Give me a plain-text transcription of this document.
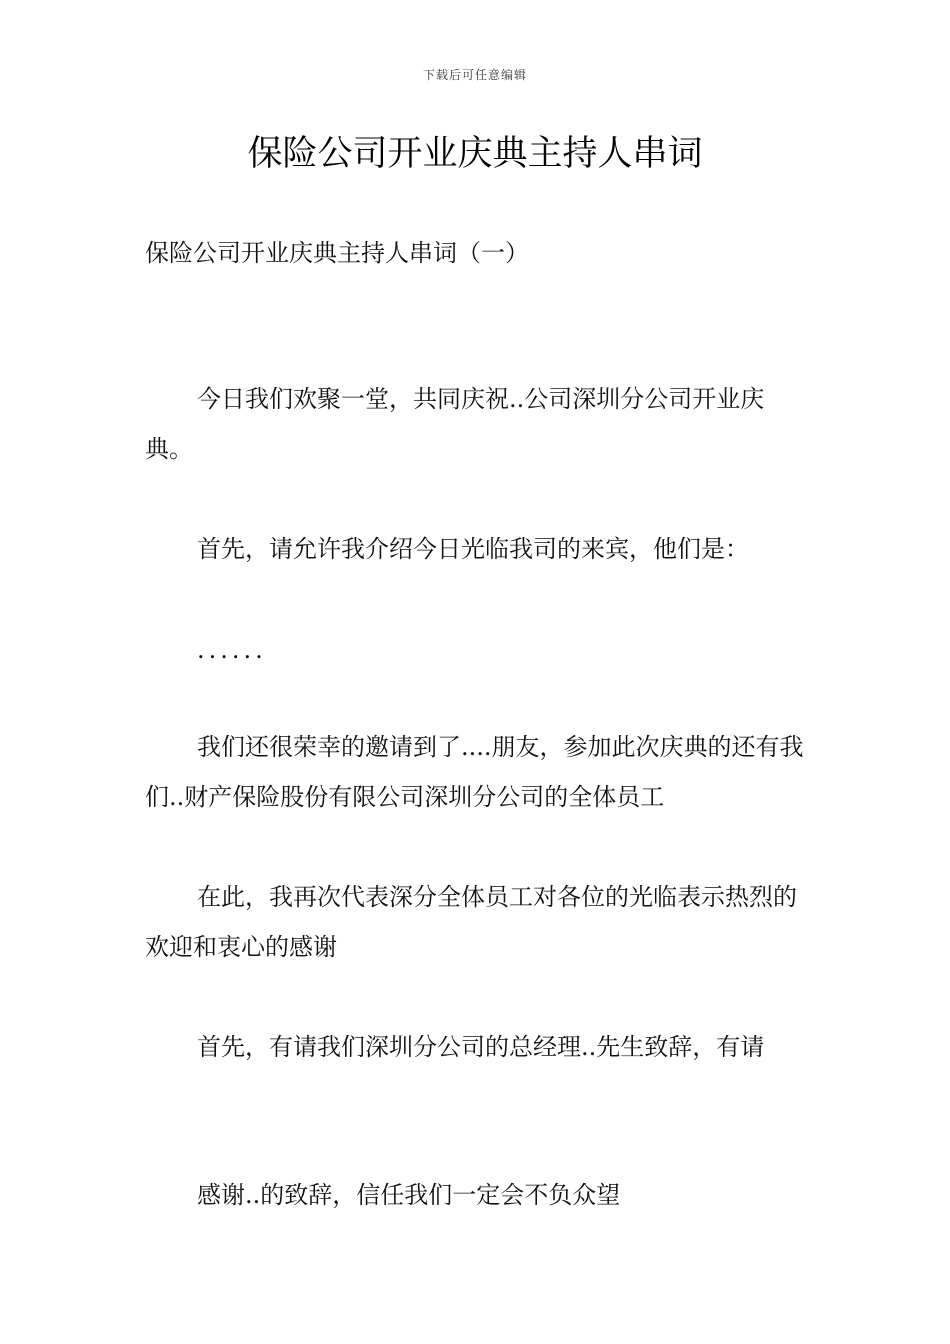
下载后可任意编辑
保险公司开业庆典主持人串词

保险公司开业庆典主持人串词（一）

今日我们欢聚一堂，共同庆祝..公司深圳分公司开业庆典。

首先，请允许我介绍今日光临我司的来宾，他们是：

......

我们还很荣幸的邀请到了....朋友，参加此次庆典的还有我们..财产保险股份有限公司深圳分公司的全体员工

在此，我再次代表深分全体员工对各位的光临表示热烈的欢迎和衷心的感谢

首先，有请我们深圳分公司的总经理..先生致辞，有请

感谢..的致辞，信任我们一定会不负众望
